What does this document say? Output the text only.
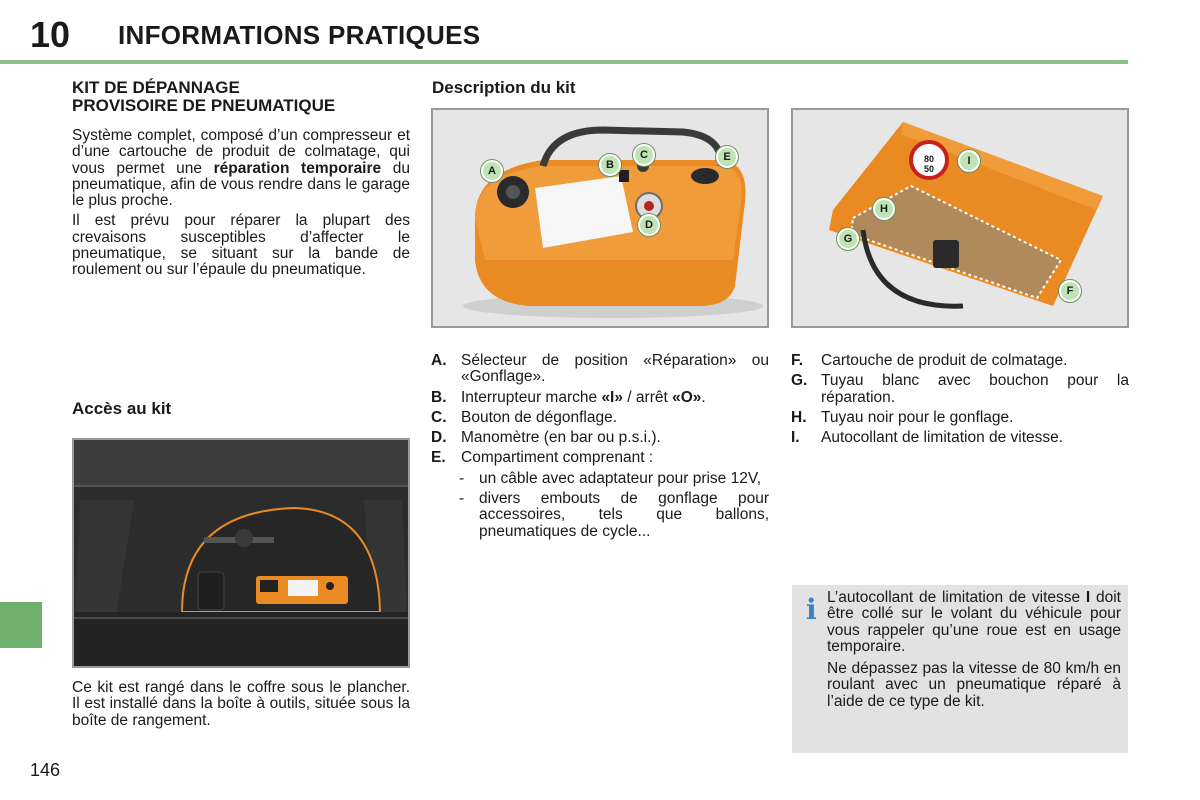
10 INFORMATIONS PRATIQUES
KIT DE DÉPANNAGE
PROVISOIRE DE PNEUMATIQUE

Système complet, composé d’un compresseur et d’une cartouche de produit de colmatage, qui vous permet une réparation temporaire du pneumatique, afin de vous rendre dans le garage le plus proche.

Il est prévu pour réparer la plupart des crevaisons susceptibles d’affecter le pneumatique, se situant sur la bande de roulement ou sur l’épaule du pneumatique.

Accès au kit
Ce kit est rangé dans le coffre sous le plancher. Il est installé dans la boîte à outils, située sous la boîte de rangement.
Description du kit
A	B
C
D
E	80
50
I
H
G
F
A. Sélecteur de position «Réparation» ou «Gonflage».
B. Interrupteur marche «I» / arrêt «O».
C. Bouton de dégonflage.
D. Manomètre (en bar ou p.s.i.).
E. Compartiment comprenant :
- un câble avec adaptateur pour prise 12V,
- divers embouts de gonflage pour accessoires, tels que ballons, pneumatiques de cycle...
F.	Cartouche de produit de colmatage.
G. Tuyau blanc avec bouchon pour la réparation.
H. Tuyau noir pour le gonflage.
I.	Autocollant de limitation de vitesse.
i L’autocollant de limitation de vitesse I doit être collé sur le volant du véhicule pour vous rappeler qu’une roue est en usage temporaire.

Ne dépassez pas la vitesse de 80 km/h en roulant avec un pneumatique réparé à l’aide de ce type de kit.

146
